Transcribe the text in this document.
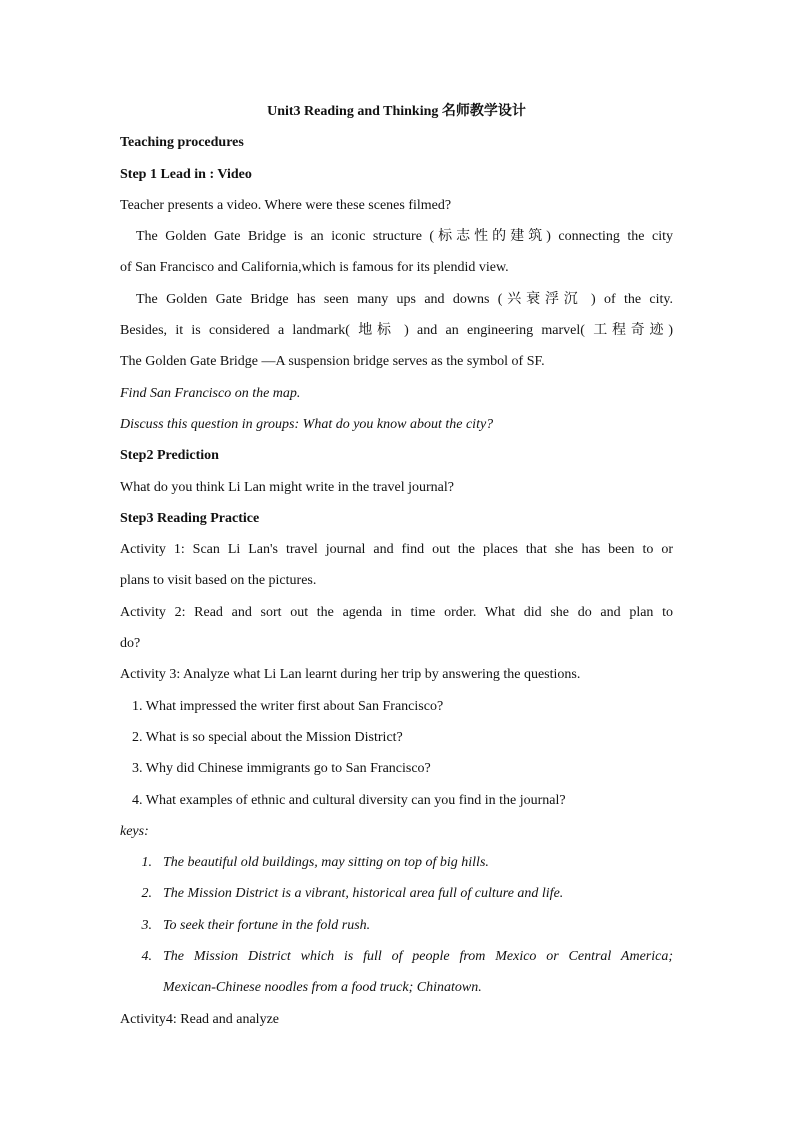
Unit3 Reading and Thinking 名师教学设计
Teaching procedures
Step 1 Lead in : Video
Teacher presents a video. Where were these scenes filmed?
The Golden Gate Bridge is an iconic structure (标志性的建筑) connecting the city
of San Francisco and California,which is famous for its plendid view.
The Golden Gate Bridge has seen many ups and downs (兴衰浮沉 ) of the city.
Besides, it is considered a landmark( 地标 ) and an engineering marvel( 工程奇迹)
The Golden Gate Bridge —A suspension bridge serves as the symbol of SF.
Find San Francisco on the map.
Discuss this question in groups: What do you know about the city?
Step2 Prediction
What do you think Li Lan might write in the travel journal?
Step3 Reading Practice
Activity 1: Scan Li Lan's travel journal and find out the places that she has been to or
plans to visit based on the pictures.
Activity 2: Read and sort out the agenda in time order. What did she do and plan to
do?
Activity 3: Analyze what Li Lan learnt during her trip by answering the questions.
1. What impressed the writer first about San Francisco?
2. What is so special about the Mission District?
3. Why did Chinese immigrants go to San Francisco?
4. What examples of ethnic and cultural diversity can you find in the journal?
keys:
1. The beautiful old buildings, may sitting on top of big hills.
2. The Mission District is a vibrant, historical area full of culture and life.
3. To seek their fortune in the fold rush.
4. The Mission District which is full of people from Mexico or Central America;
Mexican-Chinese noodles from a food truck; Chinatown.
Activity4: Read and analyze
